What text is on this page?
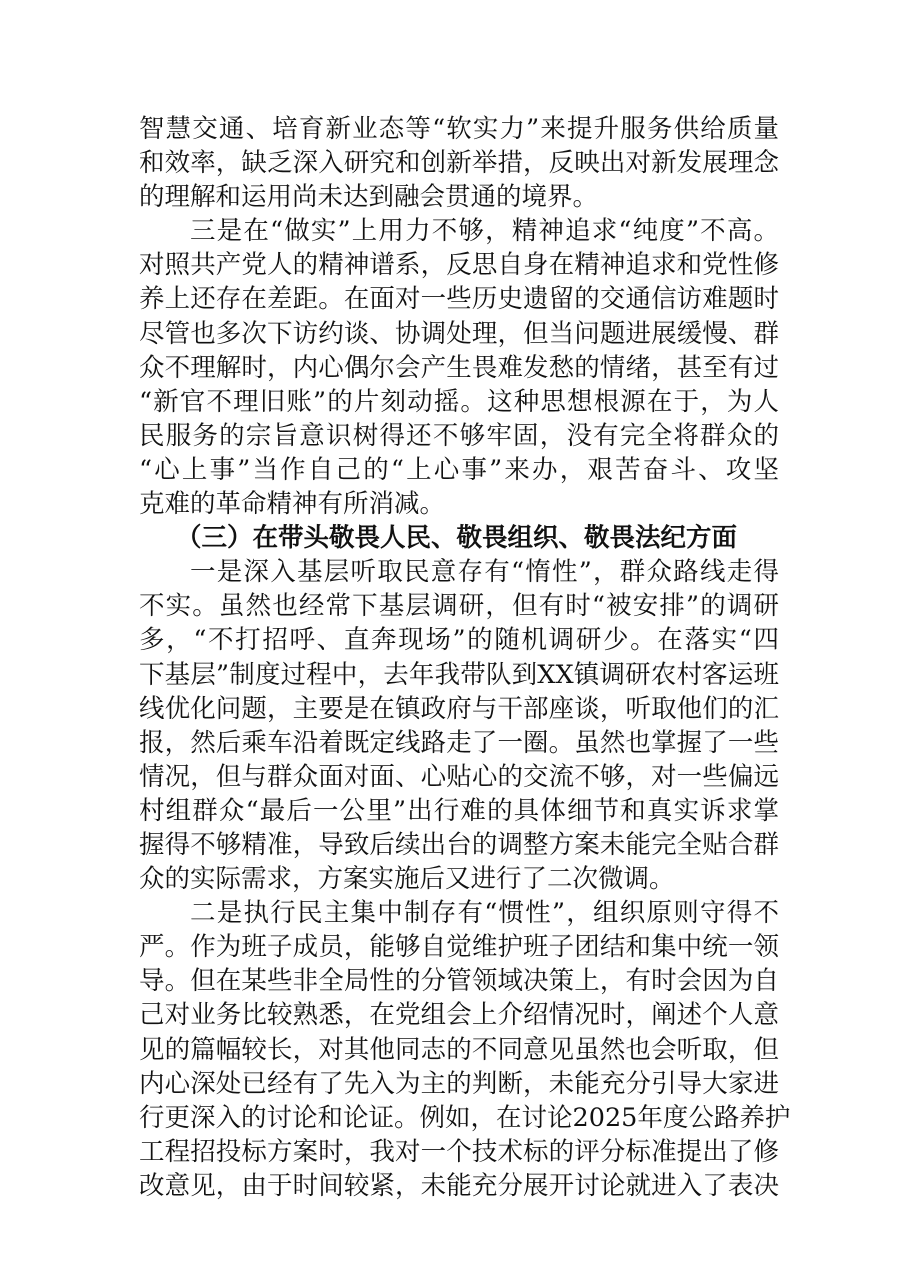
智慧交通、培育新业态等“软实力”来提升服务供给质量
和效率，缺乏深入研究和创新举措，反映出对新发展理念
的理解和运用尚未达到融会贯通的境界。
三是在“做实”上用力不够，精神追求“纯度”不高。
对照共产党人的精神谱系，反思自身在精神追求和党性修
养上还存在差距。在面对一些历史遗留的交通信访难题时
尽管也多次下访约谈、协调处理，但当问题进展缓慢、群
众不理解时，内心偶尔会产生畏难发愁的情绪，甚至有过
“新官不理旧账”的片刻动摇。这种思想根源在于，为人
民服务的宗旨意识树得还不够牢固，没有完全将群众的
“心上事”当作自己的“上心事”来办，艰苦奋斗、攻坚
克难的革命精神有所消减。
（三）在带头敬畏人民、敬畏组织、敬畏法纪方面
一是深入基层听取民意存有“惰性”，群众路线走得
不实。虽然也经常下基层调研，但有时“被安排”的调研
多，“不打招呼、直奔现场”的随机调研少。在落实“四
下基层”制度过程中，去年我带队到XX镇调研农村客运班
线优化问题，主要是在镇政府与干部座谈，听取他们的汇
报，然后乘车沿着既定线路走了一圈。虽然也掌握了一些
情况，但与群众面对面、心贴心的交流不够，对一些偏远
村组群众“最后一公里”出行难的具体细节和真实诉求掌
握得不够精准，导致后续出台的调整方案未能完全贴合群
众的实际需求，方案实施后又进行了二次微调。
二是执行民主集中制存有“惯性”，组织原则守得不
严。作为班子成员，能够自觉维护班子团结和集中统一领
导。但在某些非全局性的分管领域决策上，有时会因为自
己对业务比较熟悉，在党组会上介绍情况时，阐述个人意
见的篇幅较长，对其他同志的不同意见虽然也会听取，但
内心深处已经有了先入为主的判断，未能充分引导大家进
行更深入的讨论和论证。例如，在讨论2025年度公路养护
工程招投标方案时，我对一个技术标的评分标准提出了修
改意见，由于时间较紧，未能充分展开讨论就进入了表决
